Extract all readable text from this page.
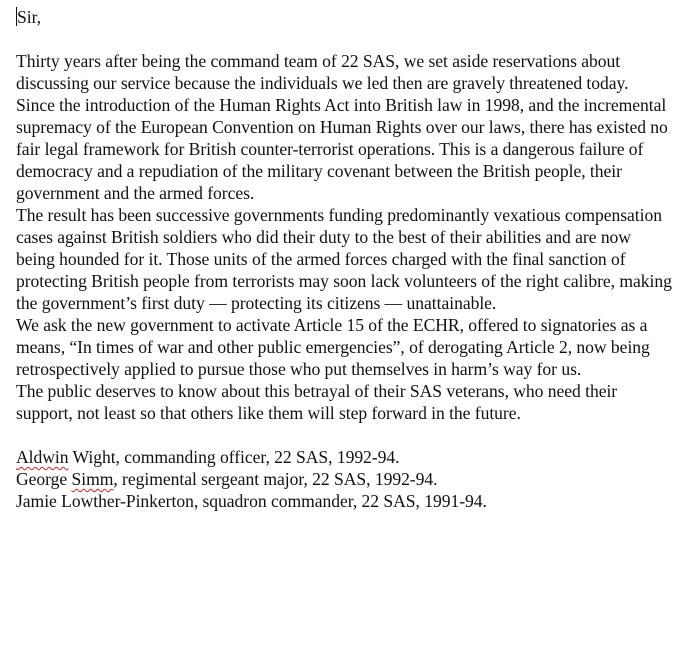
Sir,

Thirty years after being the command team of 22 SAS, we set aside reservations about discussing our service because the individuals we led then are gravely threatened today.

Since the introduction of the Human Rights Act into British law in 1998, and the incremental supremacy of the European Convention on Human Rights over our laws, there has existed no fair legal framework for British counter-terrorist operations. This is a dangerous failure of democracy and a repudiation of the military covenant between the British people, their government and the armed forces.

The result has been successive governments funding predominantly vexatious compensation cases against British soldiers who did their duty to the best of their abilities and are now being hounded for it. Those units of the armed forces charged with the final sanction of protecting British people from terrorists may soon lack volunteers of the right calibre, making the government’s first duty — protecting its citizens — unattainable.

We ask the new government to activate Article 15 of the ECHR, offered to signatories as a means, “In times of war and other public emergencies”, of derogating Article 2, now being retrospectively applied to pursue those who put themselves in harm’s way for us.

The public deserves to know about this betrayal of their SAS veterans, who need their support, not least so that others like them will step forward in the future.

Aldwin Wight, commanding officer, 22 SAS, 1992-94.

George Simm, regimental sergeant major, 22 SAS, 1992-94.

Jamie Lowther-Pinkerton, squadron commander, 22 SAS, 1991-94.
